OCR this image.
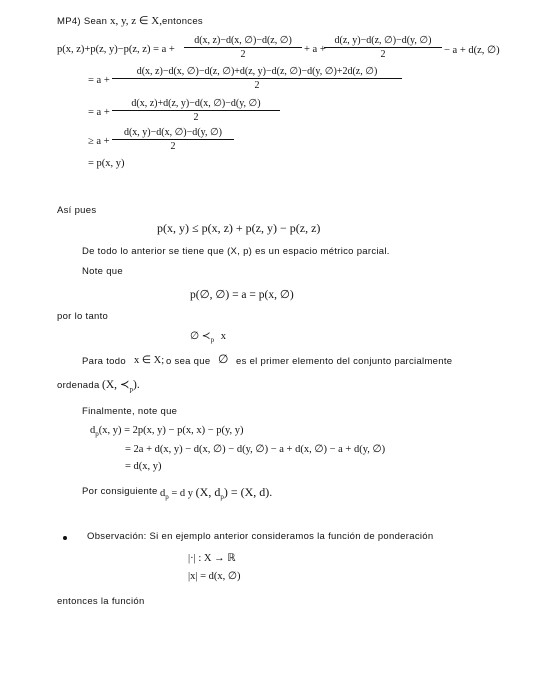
MP4) Sean x, y, z ∈ X, entonces
p(x, z)+p(z, y)−p(z, z) = a +
d(x, z)−d(x, ∅)−d(z, ∅)
2	+ a +
d(z, y)−d(z, ∅)−d(y, ∅)
2	− a + d(z, ∅)
= a +
d(x, z)−d(x, ∅)−d(z, ∅)+d(z, y)−d(z, ∅)−d(y, ∅)+2d(z, ∅)
2
= a +
d(x, z)+d(z, y)−d(x, ∅)−d(y, ∅)
2
≥ a +
d(x, y)−d(x, ∅)−d(y, ∅)
2
= p(x, y)
Así pues
p(x, y) ≤ p(x, z) + p(z, y) − p(z, z)
De todo lo anterior se tiene que (X, p) es un espacio métrico parcial.
Note que
p(∅, ∅) = a = p(x, ∅)
por lo tanto
∅ $≺_p$ x
Para todo x ∈ X; o sea que ∅ es el primer elemento del conjunto parcialmente
ordenada (X, $≺_p$).
Finalmente, note que
$d_p(x$, y) = 2p(x, y) − p(x, x) − p(y, y)
= 2a + d(x, y) − d(x, ∅) − d(y, ∅) − a + d(x, ∅) − a + d(y, ∅)
= d(x, y)
Por consiguiente $d_p = d$ y (X, $d_p) = (X$, d).
Observación: Si en ejemplo anterior consideramos la función de ponderación
|·| : X → ℝ
|x| = d(x, ∅)
entonces la función
